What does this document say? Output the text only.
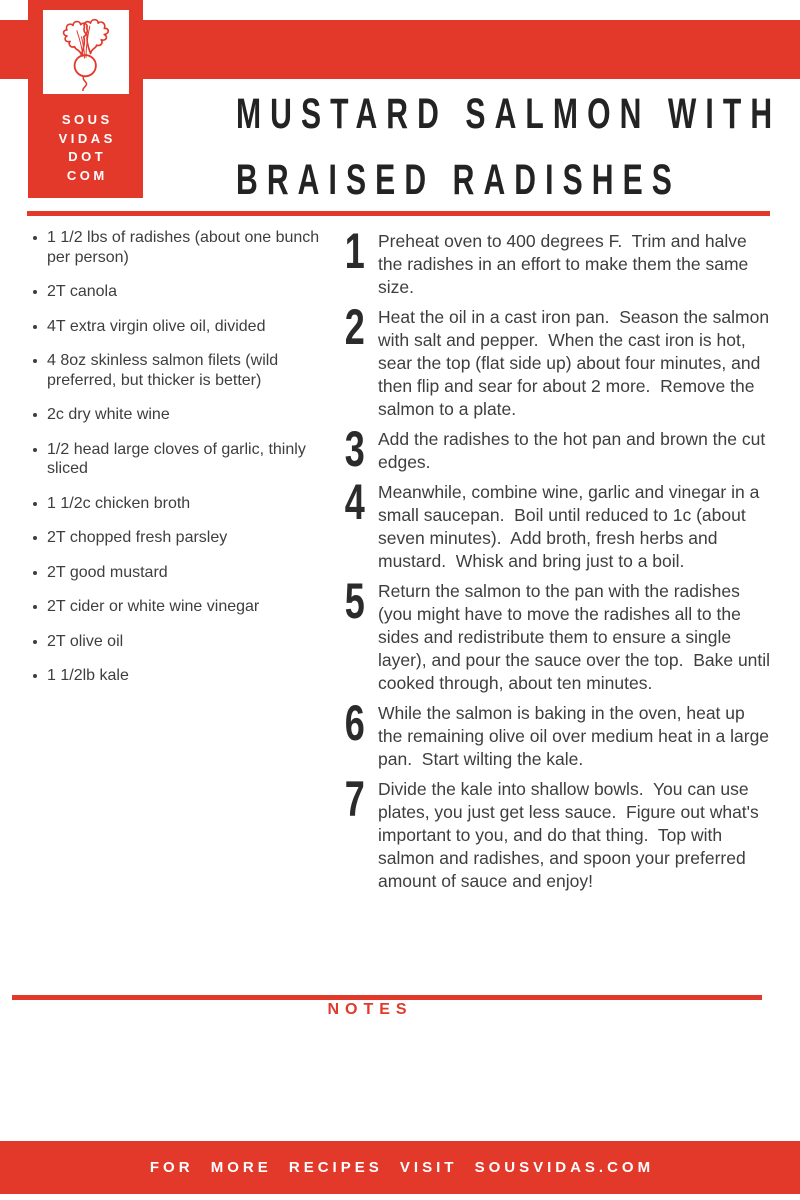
SOUS
VIDAS
DOT
COM
MUSTARD SALMON WITH
BRAISED RADISHES
1 1/2 lbs of radishes (about one bunch per person)
2T canola
4T extra virgin olive oil, divided
4 8oz skinless salmon filets (wild preferred, but thicker is better)
2c dry white wine
1/2 head large cloves of garlic, thinly sliced
1 1/2c chicken broth
2T chopped fresh parsley
2T good mustard
2T cider or white wine vinegar
2T olive oil
1 1/2lb kale
1 Preheat oven to 400 degrees F.  Trim and halve the radishes in an effort to make them the same size.
2 Heat the oil in a cast iron pan.  Season the salmon with salt and pepper.  When the cast iron is hot, sear the top (flat side up) about four minutes, and then flip and sear for about 2 more.  Remove the salmon to a plate.
3 Add the radishes to the hot pan and brown the cut edges.
4 Meanwhile, combine wine, garlic and vinegar in a small saucepan.  Boil until reduced to 1c (about seven minutes).  Add broth, fresh herbs and mustard.  Whisk and bring just to a boil.
5 Return the salmon to the pan with the radishes (you might have to move the radishes all to the sides and redistribute them to ensure a single layer), and pour the sauce over the top.  Bake until cooked through, about ten minutes.
6 While the salmon is baking in the oven, heat up the remaining olive oil over medium heat in a large pan.  Start wilting the kale.
7 Divide the kale into shallow bowls.  You can use plates, you just get less sauce.  Figure out what's important to you, and do that thing.  Top with salmon and radishes, and spoon your preferred amount of sauce and enjoy!
NOTES
FOR MORE RECIPES VISIT SOUSVIDAS.COM
